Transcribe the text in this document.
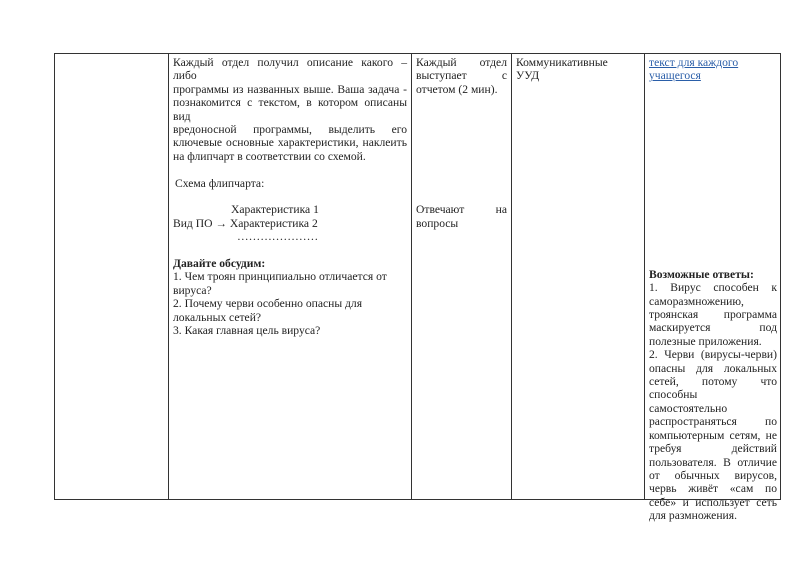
Каждый отдел получил описание какого – либо
программы из названных выше. Ваша задача -
познакомится с текстом, в котором описаны вид
вредоносной программы, выделить его
ключевые основные характеристики, наклеить
на флипчарт в соответствии со схемой.
Схема флипчарта:
Характеристика 1
Вид ПО → Характеристика 2
…………………
Давайте обсудим:
1. Чем троян принципиально отличается от вируса?
2. Почему черви особенно опасны для локальных сетей?
3. Какая главная цель вируса?
Каждый отдел
выступает с
отчетом (2 мин).
Отвечают на
вопросы
Коммуникативные
УУД
текст для каждого
учащегося
Возможные ответы:
1. Вирус способен к саморазмножению, троянская программа маскируется под полезные приложения.
2. Черви (вирусы-черви) опасны для локальных сетей, потому что способны самостоятельно распространяться по компьютерным сетям, не требуя действий пользователя. В отличие от обычных вирусов, червь живёт «сам по себе» и использует сеть для размножения.
